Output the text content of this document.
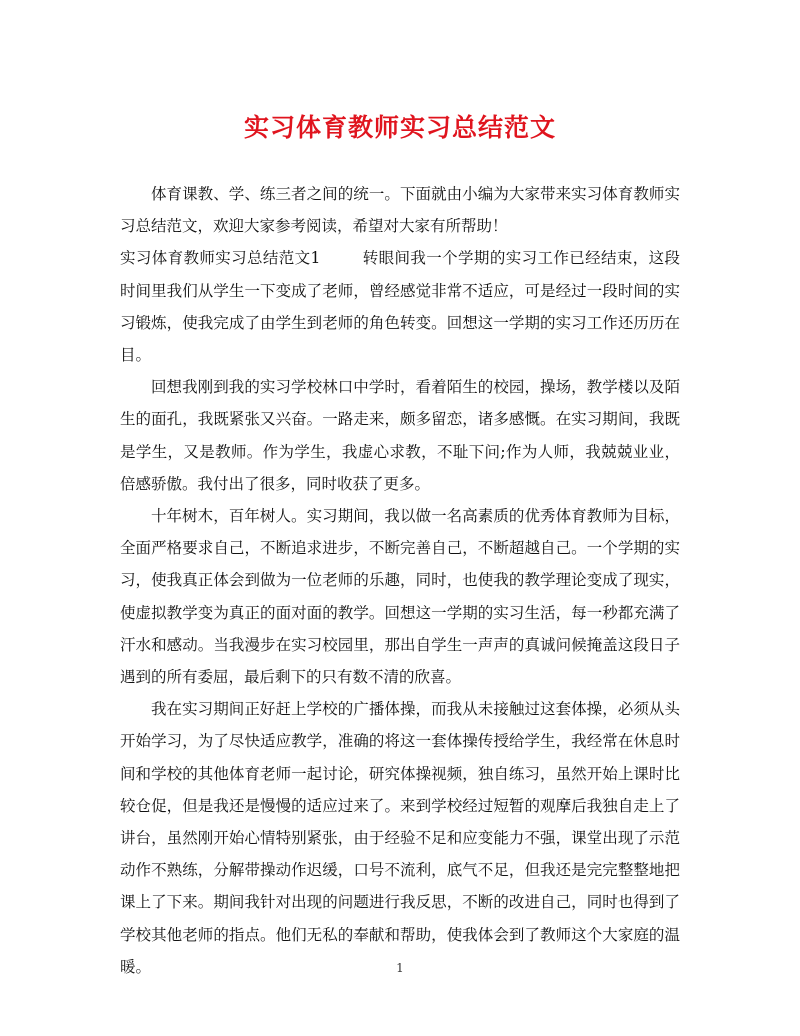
实习体育教师实习总结范文

体育课教、学、练三者之间的统一。下面就由小编为大家带来实习体育教师实习总结范文，欢迎大家参考阅读，希望对大家有所帮助！

实习体育教师实习总结范文1	转眼间我一个学期的实习工作已经结束，这段时间里我们从学生一下变成了老师，曾经感觉非常不适应，可是经过一段时间的实习锻炼，使我完成了由学生到老师的角色转变。回想这一学期的实习工作还历历在目。

回想我刚到我的实习学校林口中学时，看着陌生的校园，操场，教学楼以及陌生的面孔，我既紧张又兴奋。一路走来，颇多留恋，诸多感慨。在实习期间，我既是学生，又是教师。作为学生，我虚心求教，不耻下问;作为人师，我兢兢业业，倍感骄傲。我付出了很多，同时收获了更多。

十年树木，百年树人。实习期间，我以做一名高素质的优秀体育教师为目标，全面严格要求自己，不断追求进步，不断完善自己，不断超越自己。一个学期的实习，使我真正体会到做为一位老师的乐趣，同时，也使我的教学理论变成了现实，使虚拟教学变为真正的面对面的教学。回想这一学期的实习生活，每一秒都充满了汗水和感动。当我漫步在实习校园里，那出自学生一声声的真诚问候掩盖这段日子遇到的所有委屈，最后剩下的只有数不清的欣喜。

我在实习期间正好赶上学校的广播体操，而我从未接触过这套体操，必须从头开始学习，为了尽快适应教学，准确的将这一套体操传授给学生，我经常在休息时间和学校的其他体育老师一起讨论，研究体操视频，独自练习，虽然开始上课时比较仓促，但是我还是慢慢的适应过来了。来到学校经过短暂的观摩后我独自走上了讲台，虽然刚开始心情特别紧张，由于经验不足和应变能力不强，课堂出现了示范动作不熟练，分解带操动作迟缓，口号不流利，底气不足，但我还是完完整整地把课上了下来。期间我针对出现的问题进行我反思，不断的改进自己，同时也得到了学校其他老师的指点。他们无私的奉献和帮助，使我体会到了教师这个大家庭的温暖。	1
